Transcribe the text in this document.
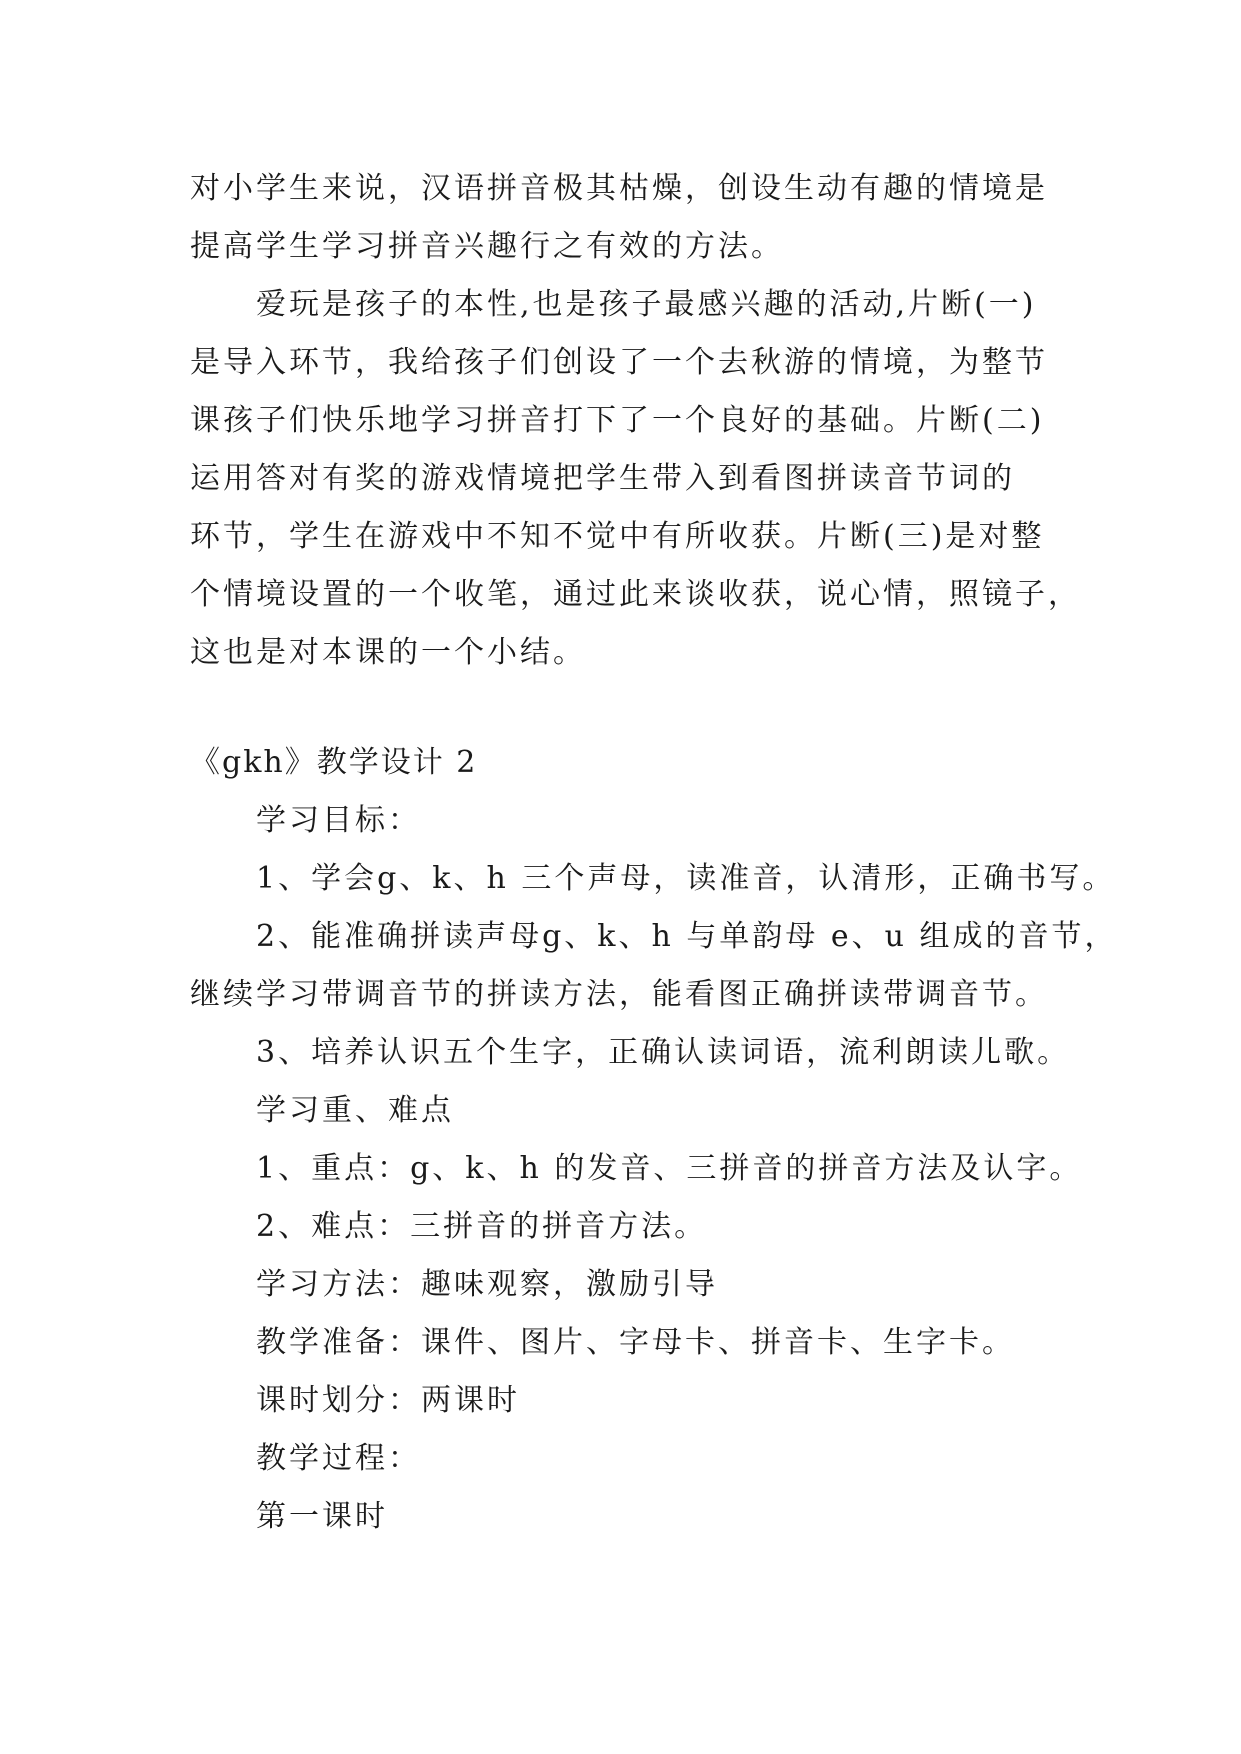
对小学生来说，汉语拼音极其枯燥，创设生动有趣的情境是
提高学生学习拼音兴趣行之有效的方法。
爱玩是孩子的本性,也是孩子最感兴趣的活动,片断(一)
是导入环节，我给孩子们创设了一个去秋游的情境，为整节
课孩子们快乐地学习拼音打下了一个良好的基础。片断(二)
运用答对有奖的游戏情境把学生带入到看图拼读音节词的
环节，学生在游戏中不知不觉中有所收获。片断(三)是对整
个情境设置的一个收笔，通过此来谈收获，说心情，照镜子，
这也是对本课的一个小结。
《gkh》教学设计 2
学习目标：
1、学会g、k、h 三个声母，读准音，认清形，正确书写。
2、能准确拼读声母g、k、h 与单韵母 e、u 组成的音节，
继续学习带调音节的拼读方法，能看图正确拼读带调音节。
3、培养认识五个生字，正确认读词语，流利朗读儿歌。
学习重、难点
1、重点：g、k、h 的发音、三拼音的拼音方法及认字。
2、难点：三拼音的拼音方法。
学习方法：趣味观察，激励引导
教学准备：课件、图片、字母卡、拼音卡、生字卡。
课时划分：两课时
教学过程：
第一课时
